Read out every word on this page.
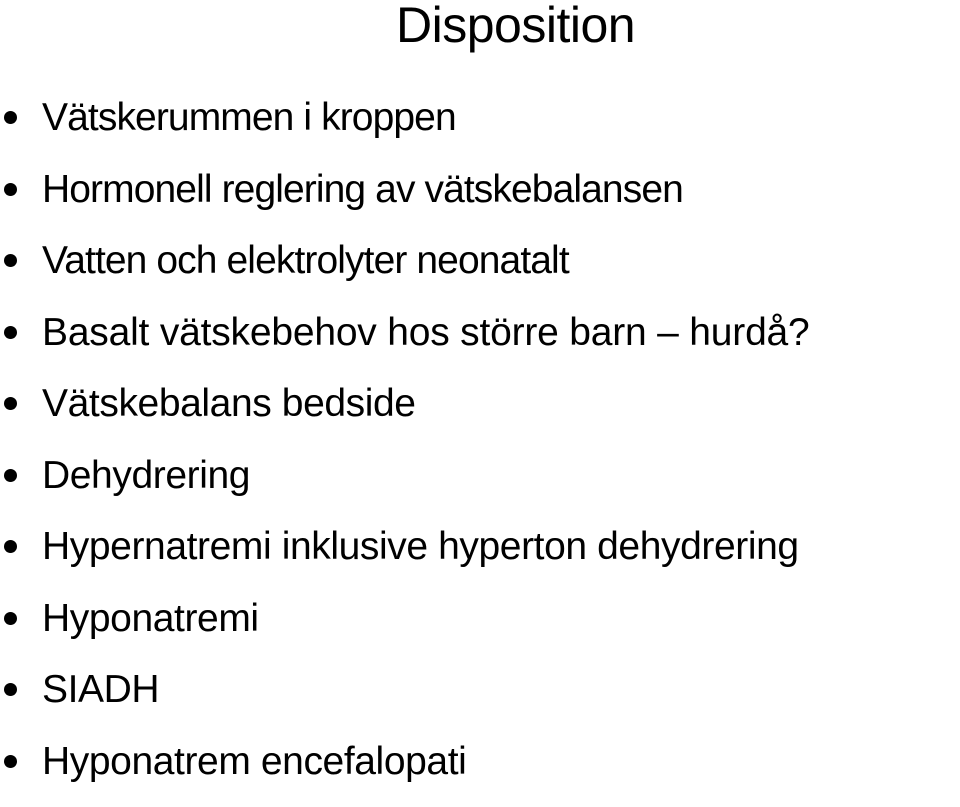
Disposition
Vätskerummen i kroppen
Hormonell reglering av vätskebalansen
Vatten och elektrolyter neonatalt
Basalt vätskebehov hos större barn – hurdå?
Vätskebalans bedside
Dehydrering
Hypernatremi inklusive hyperton dehydrering
Hyponatremi
SIADH
Hyponatrem encefalopati
